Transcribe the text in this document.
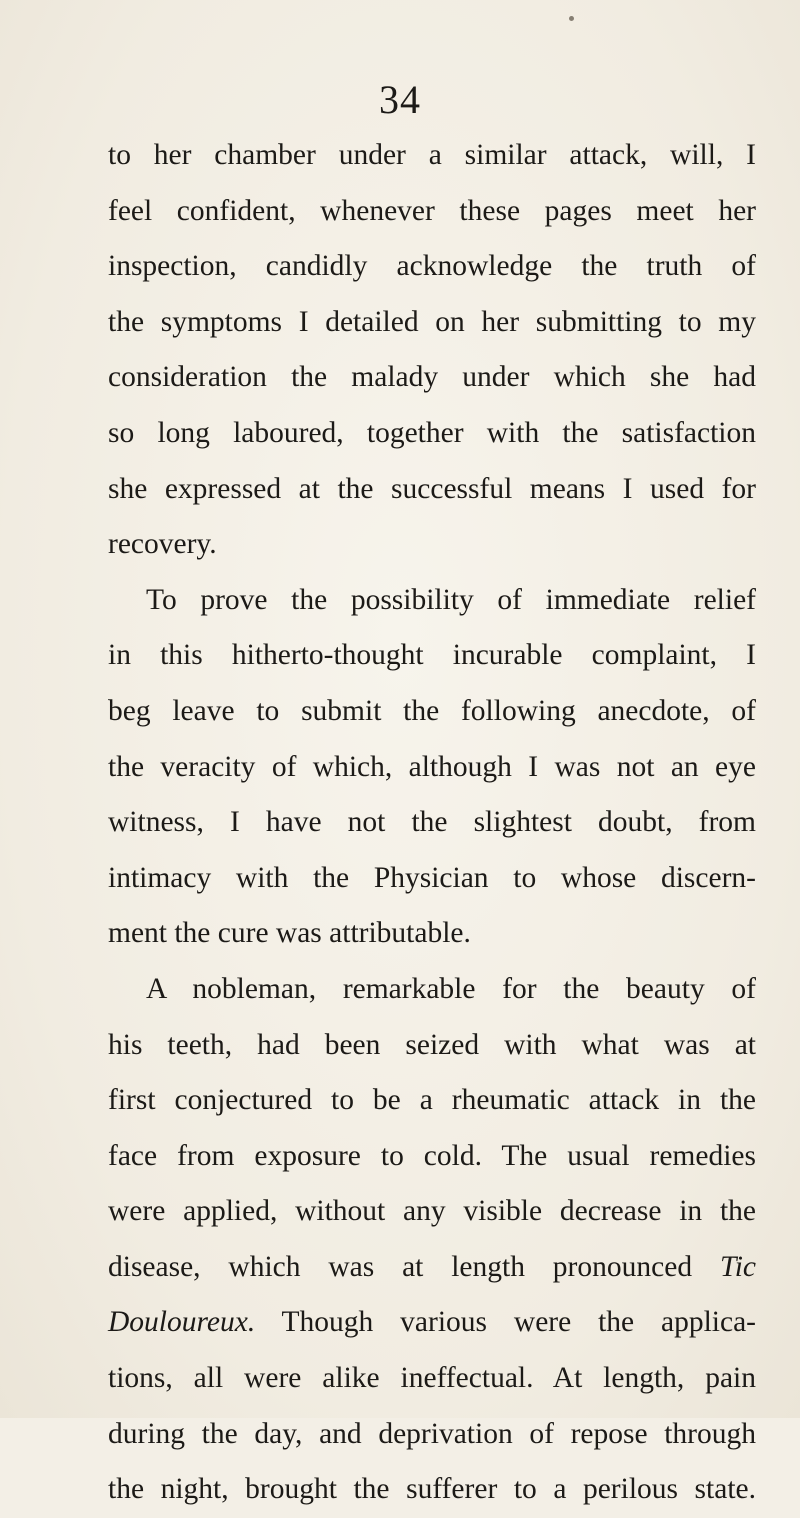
34
to her chamber under a similar attack, will, I
feel confident, whenever these pages meet her
inspection, candidly acknowledge the truth of
the symptoms I detailed on her submitting to my
consideration the malady under which she had
so long laboured, together with the satisfaction
she expressed at the successful means I used for
recovery.
To prove the possibility of immediate relief
in this hitherto-thought incurable complaint, I
beg leave to submit the following anecdote, of
the veracity of which, although I was not an eye
witness, I have not the slightest doubt, from
intimacy with the Physician to whose discern-
ment the cure was attributable.
A nobleman, remarkable for the beauty of
his teeth, had been seized with what was at
first conjectured to be a rheumatic attack in the
face from exposure to cold. The usual remedies
were applied, without any visible decrease in the
disease, which was at length pronounced Tic
Douloureux. Though various were the applica-
tions, all were alike ineffectual. At length, pain
during the day, and deprivation of repose through
the night, brought the sufferer to a perilous state.
